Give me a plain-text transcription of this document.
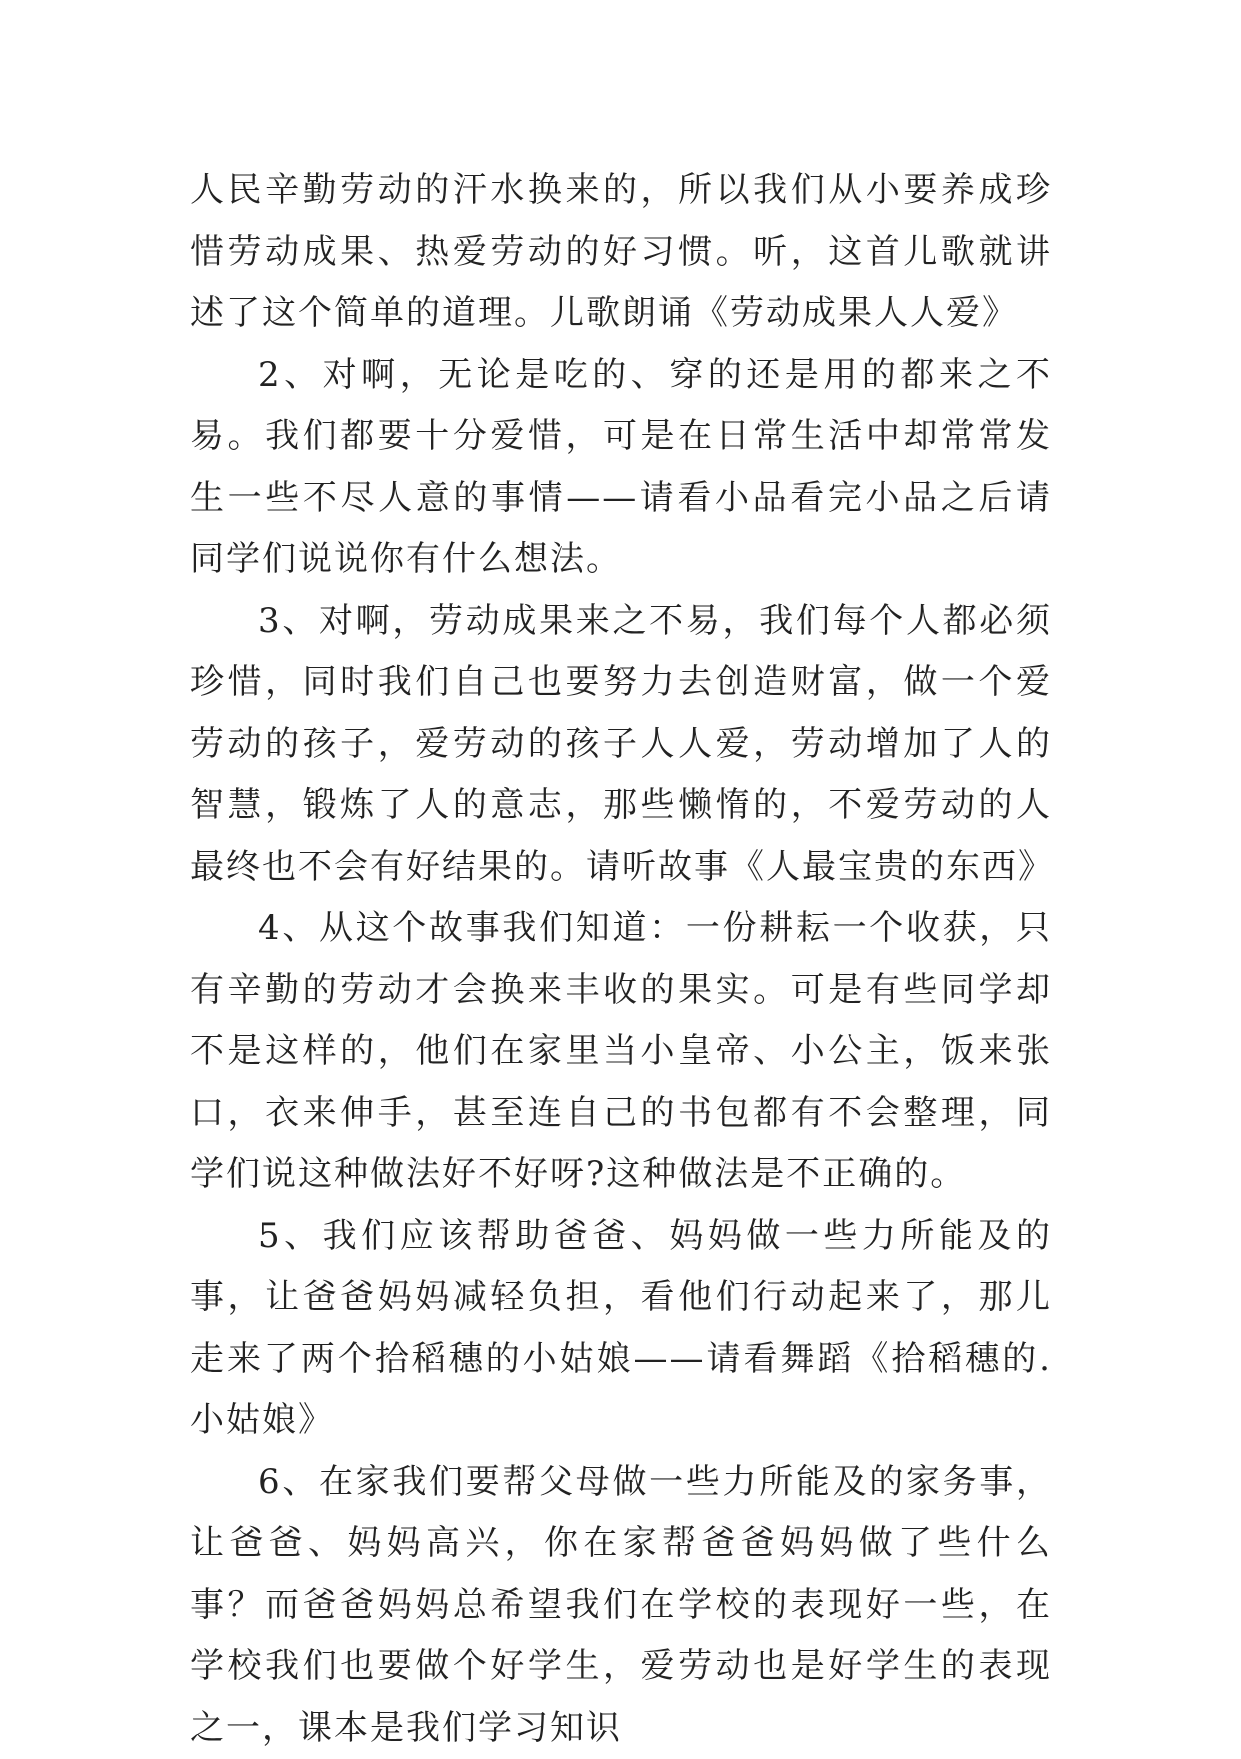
人民辛勤劳动的汗水换来的，所以我们从小要养成珍惜劳动成果、热爱劳动的好习惯。听，这首儿歌就讲述了这个简单的道理。儿歌朗诵《劳动成果人人爱》

2、对啊，无论是吃的、穿的还是用的都来之不易。我们都要十分爱惜，可是在日常生活中却常常发生一些不尽人意的事情——请看小品看完小品之后请同学们说说你有什么想法。

3、对啊，劳动成果来之不易，我们每个人都必须珍惜，同时我们自己也要努力去创造财富，做一个爱劳动的孩子，爱劳动的孩子人人爱，劳动增加了人的智慧，锻炼了人的意志，那些懒惰的，不爱劳动的人最终也不会有好结果的。请听故事《人最宝贵的东西》

4、从这个故事我们知道：一份耕耘一个收获，只有辛勤的劳动才会换来丰收的果实。可是有些同学却不是这样的，他们在家里当小皇帝、小公主，饭来张口，衣来伸手，甚至连自己的书包都有不会整理，同学们说这种做法好不好呀?这种做法是不正确的。

5、我们应该帮助爸爸、妈妈做一些力所能及的事，让爸爸妈妈减轻负担，看他们行动起来了，那儿走来了两个拾稻穗的小姑娘——请看舞蹈《拾稻穗的.小姑娘》

6、在家我们要帮父母做一些力所能及的家务事，让爸爸、妈妈高兴，你在家帮爸爸妈妈做了些什么事？而爸爸妈妈总希望我们在学校的表现好一些，在学校我们也要做个好学生，爱劳动也是好学生的表现之一，课本是我们学习知识
